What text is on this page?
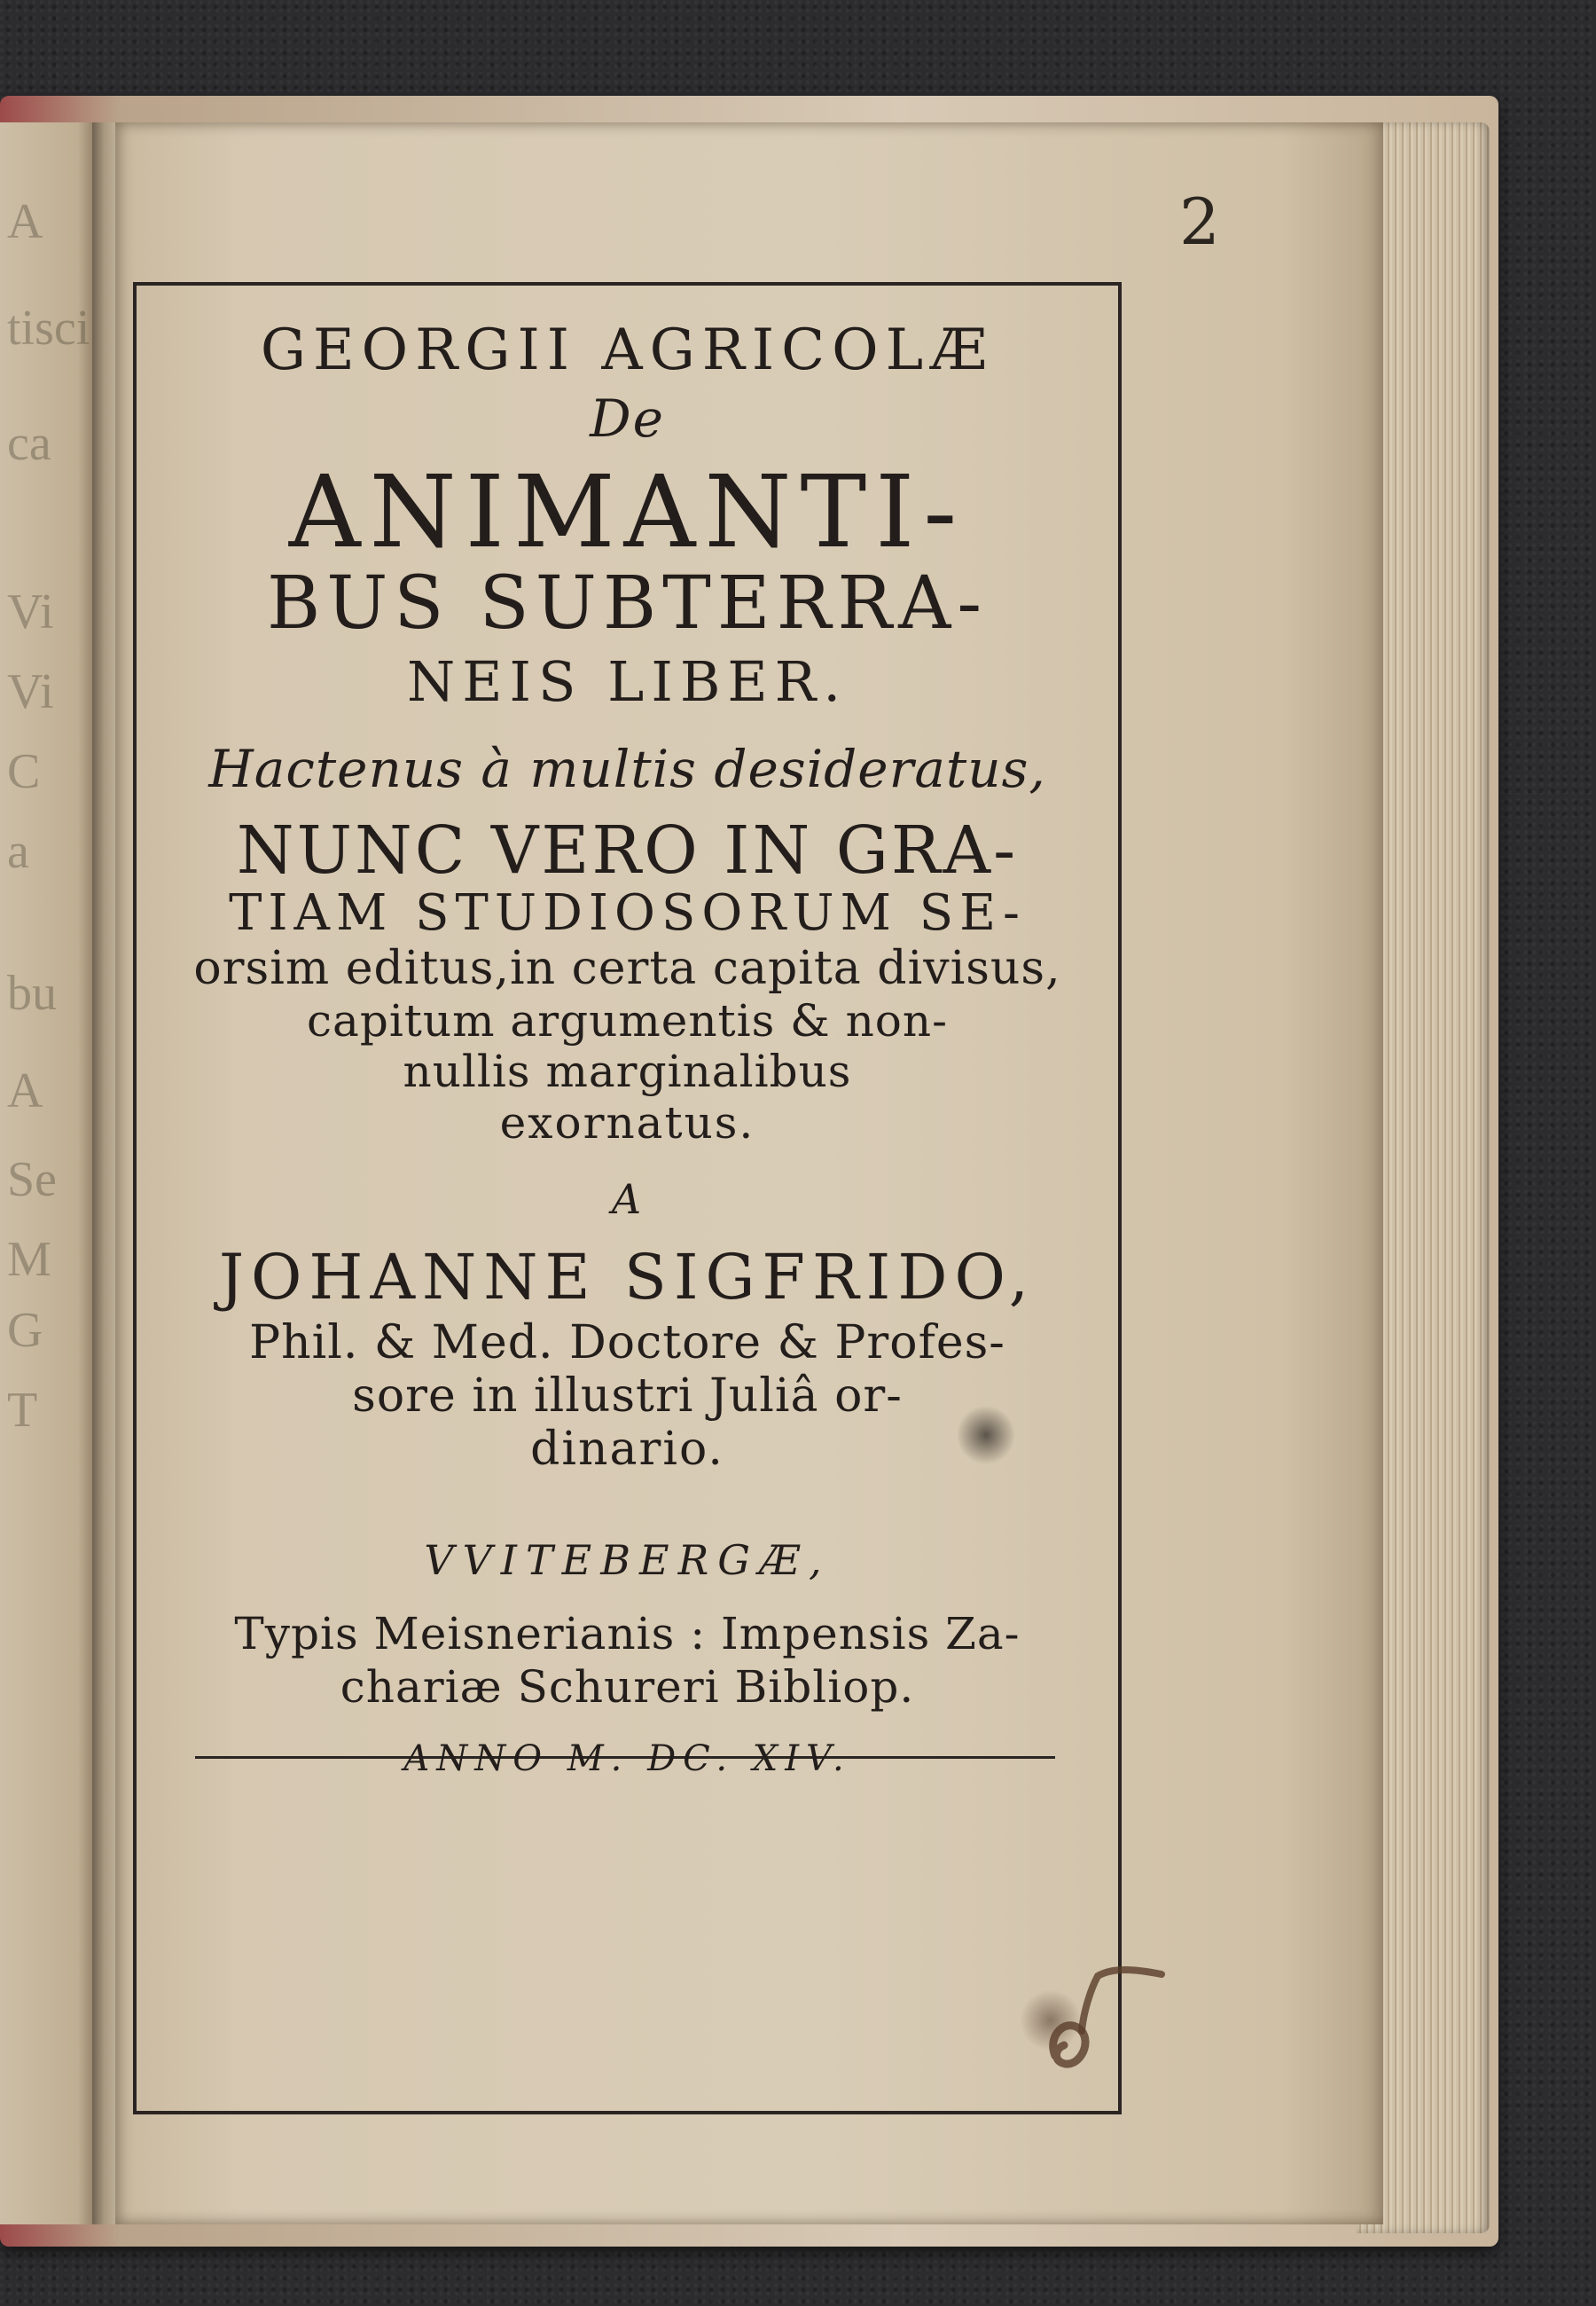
A
tisci
ca
Vi
Vi
C
a
bu
A
Se
M
G
T
2
GEORGII AGRICOLÆ
De
ANIMANTI-
BUS SUBTERRA-
NEIS LIBER.
Hactenus à multis desideratus,
NUNC VERO IN GRA-
TIAM STUDIOSORUM SE-
orsim editus,in certa capita divisus,
capitum argumentis & non-
nullis marginalibus
exornatus.
A
JOHANNE SIGFRIDO,
Phil. & Med. Doctore & Profes-
sore in illustri Juliâ or-
dinario.
VVITEBERGÆ,
Typis Meisnerianis : Impensis Za-
chariæ Schureri Bibliop.
ANNO M. DC. XIV.
